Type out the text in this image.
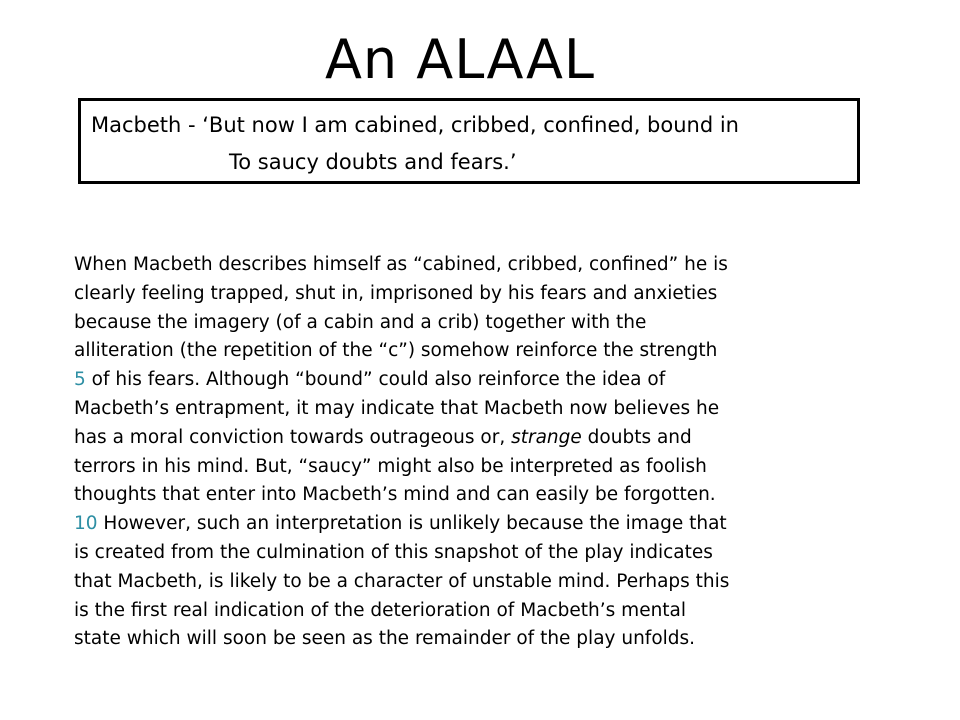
An ALAAL
Macbeth - ‘But now I am cabined, cribbed, confined, bound in
To saucy doubts and fears.’
When Macbeth describes himself as “cabined, cribbed, confined” he is
clearly feeling trapped, shut in, imprisoned by his fears and anxieties
because the imagery (of a cabin and a crib) together with the
alliteration (the repetition of the “c”) somehow reinforce the strength
5 of his fears. Although “bound” could also reinforce the idea of
Macbeth’s entrapment, it may indicate that Macbeth now believes he
has a moral conviction towards outrageous or, strange doubts and
terrors in his mind. But, “saucy” might also be interpreted as foolish
thoughts that enter into Macbeth’s mind and can easily be forgotten.
10 However, such an interpretation is unlikely because the image that
is created from the culmination of this snapshot of the play indicates
that Macbeth, is likely to be a character of unstable mind. Perhaps this
is the first real indication of the deterioration of Macbeth’s mental
state which will soon be seen as the remainder of the play unfolds.
